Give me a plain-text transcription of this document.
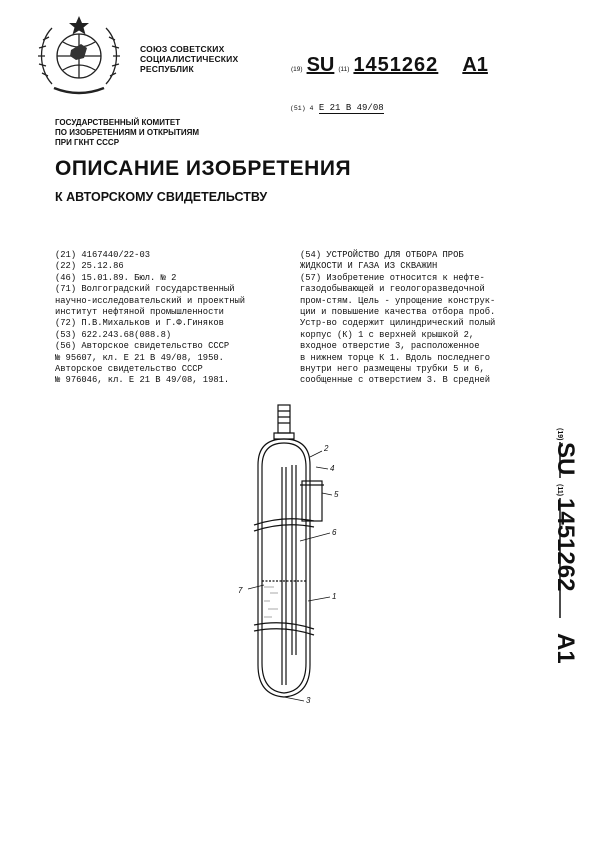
СОЮЗ СОВЕТСКИХ
СОЦИАЛИСТИЧЕСКИХ
РЕСПУБЛИК	(19) SU (11) 1451262 A1
(51) 4 Е 21 В 49/08
ГОСУДАРСТВЕННЫЙ КОМИТЕТ
ПО ИЗОБРЕТЕНИЯМ И ОТКРЫТИЯМ
ПРИ ГКНТ СССР
ОПИСАНИЕ ИЗОБРЕТЕНИЯ
К АВТОРСКОМУ СВИДЕТЕЛЬСТВУ
(21) 4167440/22-03
(22) 25.12.86
(46) 15.01.89. Бюл. № 2
(71) Волгоградский государственный
научно-исследовательский и проектный
институт нефтяной промышленности
(72) П.В.Михальков и Г.Ф.Гиняков
(53) 622.243.68(088.8)
(56) Авторское свидетельство СССР
№ 95607, кл. Е 21 В 49/08, 1950.
Авторское свидетельство СССР
№ 976046, кл. Е 21 В 49/08, 1981.
(54) УСТРОЙСТВО ДЛЯ ОТБОРА ПРОБ
ЖИДКОСТИ И ГАЗА ИЗ СКВАЖИН
(57) Изобретение относится к нефте-
газодобывающей и геологоразведочной
пром-стям. Цель - упрощение конструк-
ции и повышение качества отбора проб.
Устр-во содержит цилиндрический полый
корпус (К) 1 с верхней крышкой 2,
входное отверстие 3, расположенное
в нижнем торце К 1. Вдоль последнего
внутри него размещены трубки 5 и 6,
сообщенные с отверстием 3. В средней
(19)
SU
(11)
1451262
A1
2
4
5
6
7
1
3
